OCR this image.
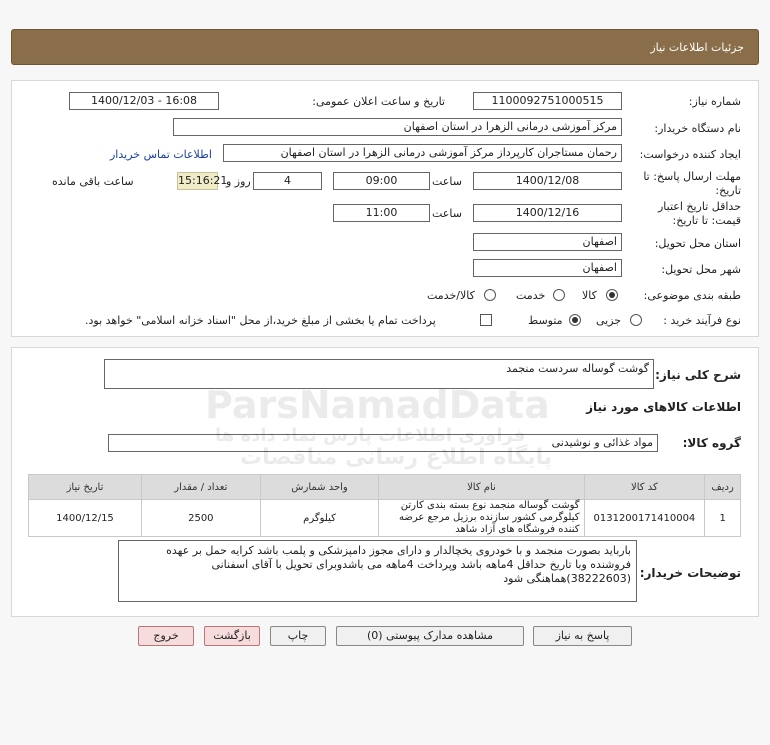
جزئیات اطلاعات نیاز
شماره نیاز:
1100092751000515
تاریخ و ساعت اعلان عمومی:
1400/12/03 - 16:08
نام دستگاه خریدار:
مرکز آموزشی درمانی الزهرا در استان اصفهان
ایجاد کننده درخواست:
رحمان مستاجران کارپرداز مرکز آموزشی درمانی الزهرا در استان اصفهان
اطلاعات تماس خریدار
مهلت ارسال پاسخ: تا
تاریخ:
1400/12/08
ساعت
09:00
4
روز و
15:16:21
ساعت باقی مانده
حداقل تاریخ اعتبار
قیمت: تا تاریخ:
1400/12/16
ساعت
11:00
استان محل تحویل:
اصفهان
شهر محل تحویل:
اصفهان
طبقه بندی موضوعی:
کالا
خدمت
کالا/خدمت
نوع فرآیند خرید :
جزیی
متوسط
پرداخت تمام یا بخشی از مبلغ خرید،از محل "اسناد خزانه اسلامی" خواهد بود.
شرح کلی نیاز:
گوشت گوساله سردست منجمد
اطلاعات کالاهای مورد نیاز
گروه کالا:
مواد غذائی و نوشیدنی
ردیف	کد کالا	نام کالا	واحد شمارش	تعداد / مقدار	تاریخ نیاز
1	0131200171410004	گوشت گوساله منجمد نوع بسته بندی کارتن کیلوگرمی کشور سازنده برزیل مرجع عرضه کننده فروشگاه های آزاد شاهد	کیلوگرم	2500	1400/12/15
توضیحات خریدار:
بارباید بصورت منجمد و با خودروی یخچالدار و دارای مجوز دامپزشکی و پلمب باشد کرایه حمل بر عهده فروشنده وبا تاریخ حداقل 4ماهه باشد وپرداخت 4ماهه می باشدوبرای تحویل با آقای اسفنانی (38222603)هماهنگی شود
پاسخ به نیاز
مشاهده مدارک پیوستی (0)
چاپ
بازگشت
خروج
